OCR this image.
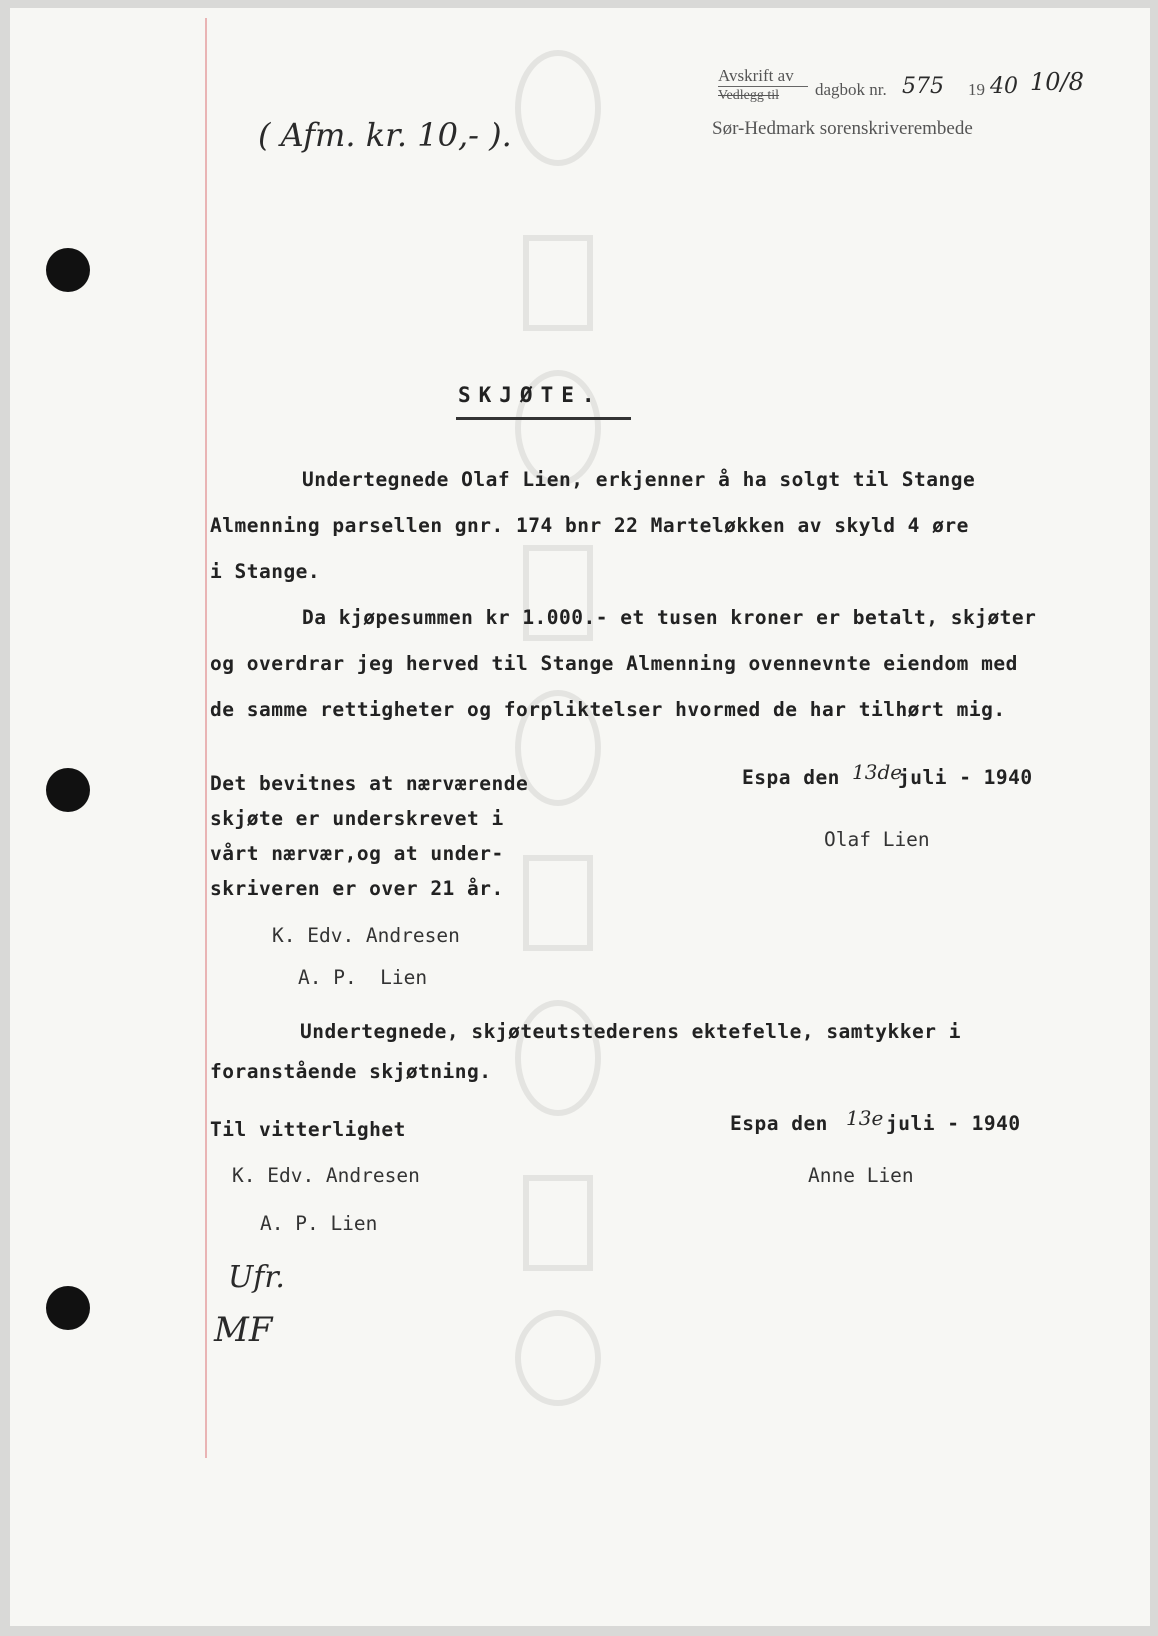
Avskrift av
Vedlegg til dagbok nr. 575 19 40 10/8
Sør-Hedmark sorenskriverembede
( Afm. kr. 10,- ).
SKJØTE.
Undertegnede Olaf Lien, erkjenner å ha solgt til Stange
Almenning parsellen gnr. 174 bnr 22 Marteløkken av skyld 4 øre
i Stange.
Da kjøpesummen kr 1.000.- et tusen kroner er betalt, skjøter
og overdrar jeg herved til Stange Almenning ovennevnte eiendom med
de samme rettigheter og forpliktelser hvormed de har tilhørt mig.
Det bevitnes at nærværende
skjøte er underskrevet i
vårt nærvær,og at under-
skriveren er over 21 år.
K. Edv. Andresen
A. P.  Lien
Espa den 13de
juli - 1940
Olaf Lien
Undertegnede, skjøteutstederens ektefelle, samtykker i
foranstående skjøtning.
Til vitterlighet
K. Edv. Andresen
A. P. Lien
Espa den 13e juli - 1940
Anne Lien
Ufr.
MF
